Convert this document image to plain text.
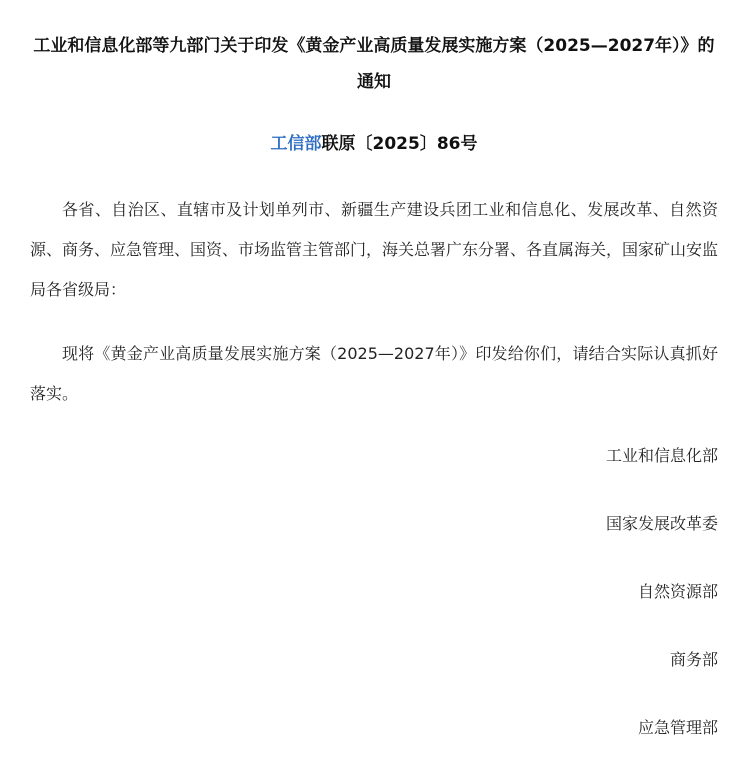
工业和信息化部等九部门关于印发《黄金产业高质量发展实施方案（2025—2027年）》的通知
工信部联原〔2025〕86号

各省、自治区、直辖市及计划单列市、新疆生产建设兵团工业和信息化、发展改革、自然资源、商务、应急管理、国资、市场监管主管部门，海关总署广东分署、各直属海关，国家矿山安监局各省级局：

现将《黄金产业高质量发展实施方案（2025—2027年）》印发给你们，请结合实际认真抓好落实。

工业和信息化部
国家发展改革委
自然资源部
商务部
应急管理部
